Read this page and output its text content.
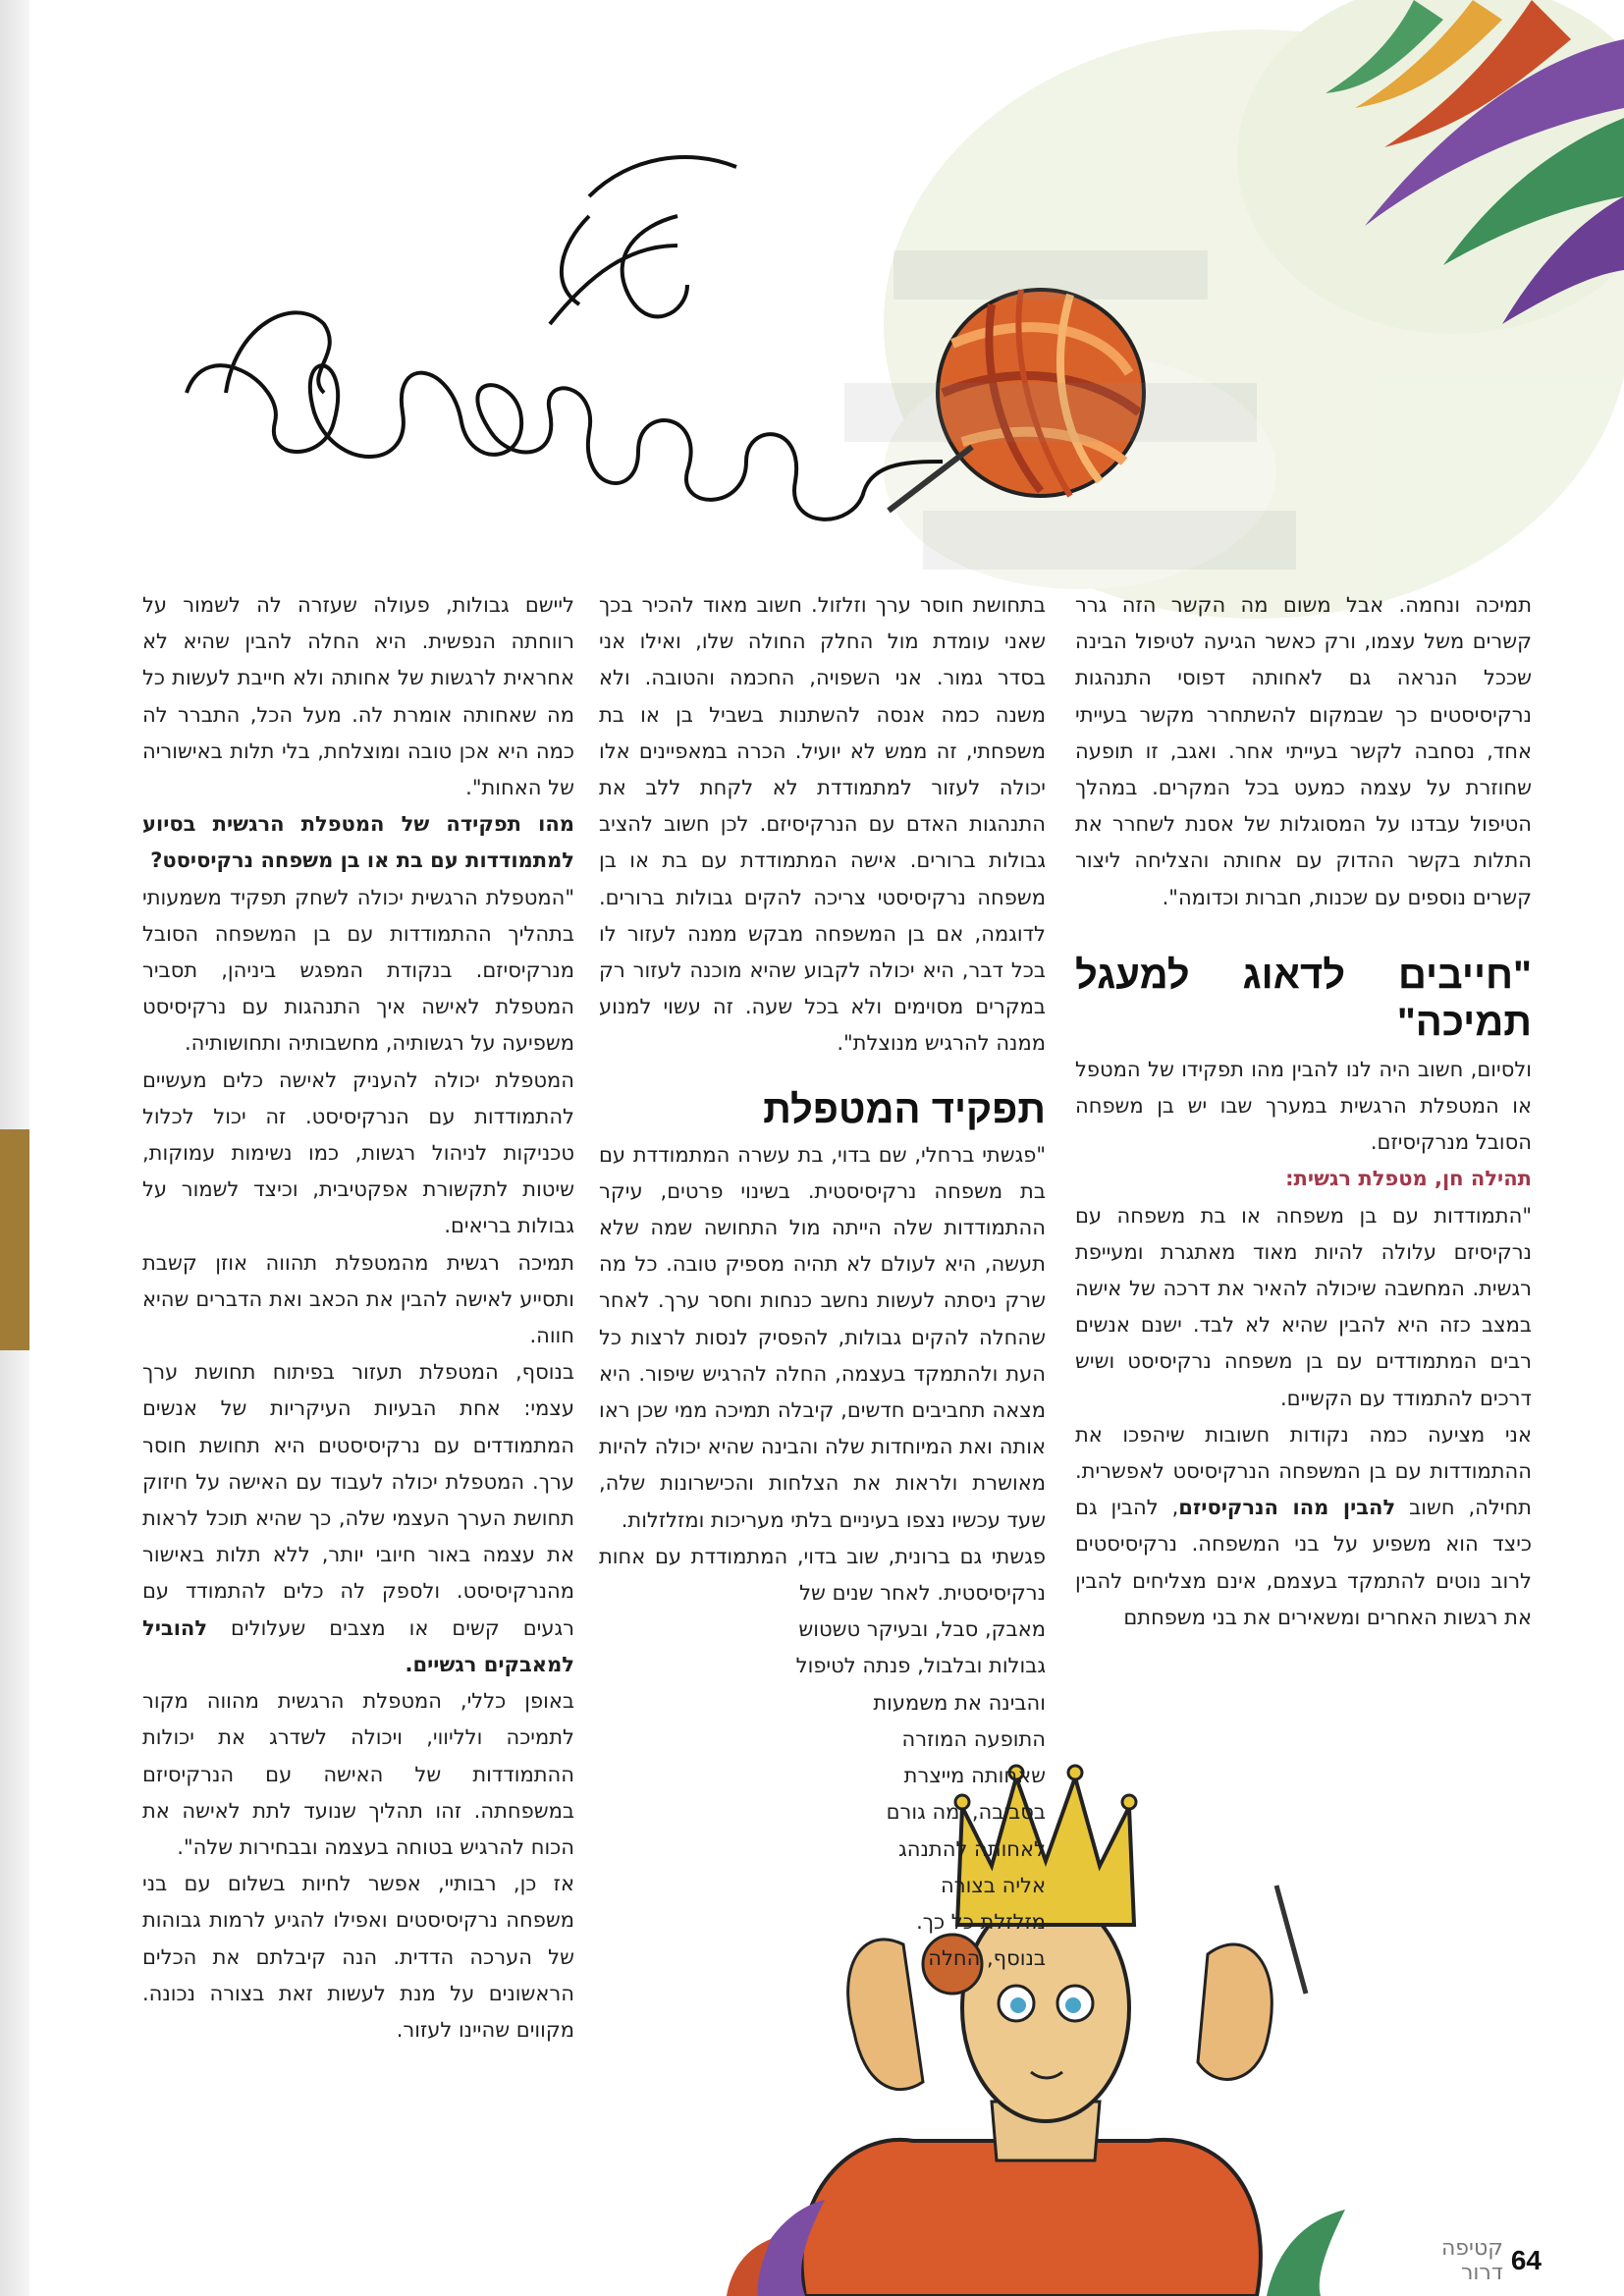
תמיכה ונחמה. אבל משום מה הקשר הזה גרר קשרים משל עצמו, ורק כאשר הגיעה לטיפול הבינה שככל הנראה גם לאחותה דפוסי התנהגות נרקיסיסטים כך שבמקום להשתחרר מקשר בעייתי אחד, נסחבה לקשר בעייתי אחר. ואגב, זו תופעה שחוזרת על עצמה כמעט בכל המקרים. במהלך הטיפול עבדנו על המסוגלות של אסנת לשחרר את התלות בקשר ההדוק עם אחותה והצליחה ליצור קשרים נוספים עם שכנות, חברות וכדומה".

"חייבים לדאוג למעגל תמיכה"

ולסיום, חשוב היה לנו להבין מהו תפקידו של המטפל או המטפלת הרגשית במערך שבו יש בן משפחה הסובל מנרקיסיזם.

תהילה חן, מטפלת רגשית:

"התמודדות עם בן משפחה או בת משפחה עם נרקיסיזם עלולה להיות מאוד מאתגרת ומעייפת רגשית. המחשבה שיכולה להאיר את דרכה של אישה במצב כזה היא להבין שהיא לא לבד. ישנם אנשים רבים המתמודדים עם בן משפחה נרקיסיסט ושיש דרכים להתמודד עם הקשיים.

אני מציעה כמה נקודות חשובות שיהפכו את ההתמודדות עם בן המשפחה הנרקיסיסט לאפשרית. תחילה, חשוב להבין מהו הנרקיסיזם, להבין גם כיצד הוא משפיע על בני המשפחה. נרקיסיסטים לרוב נוטים להתמקד בעצמם, אינם מצליחים להבין את רגשות האחרים ומשאירים את בני משפחתם

בתחושת חוסר ערך וזלזול. חשוב מאוד להכיר בכך שאני עומדת מול החלק החולה שלו, ואילו אני בסדר גמור. אני השפויה, החכמה והטובה. ולא משנה כמה אנסה להשתנות בשביל בן או בת משפחתי, זה ממש לא יועיל. הכרה במאפיינים אלו יכולה לעזור למתמודדת לא לקחת ללב את התנהגות האדם עם הנרקיסיזם. לכן חשוב להציב גבולות ברורים. אישה המתמודדת עם בת או בן משפחה נרקיסיסטי צריכה להקים גבולות ברורים. לדוגמה, אם בן המשפחה מבקש ממנה לעזור לו בכל דבר, היא יכולה לקבוע שהיא מוכנה לעזור רק במקרים מסוימים ולא בכל שעה. זה עשוי למנוע ממנה להרגיש מנוצלת".

תפקיד המטפלת

"פגשתי ברחלי, שם בדוי, בת עשרה המתמודדת עם בת משפחה נרקיסיסטית. בשינוי פרטים, עיקר ההתמודדות שלה הייתה מול התחושה שמה שלא תעשה, היא לעולם לא תהיה מספיק טובה. כל מה שרק ניסתה לעשות נחשב כנחות וחסר ערך. לאחר שהחלה להקים גבולות, להפסיק לנסות לרצות כל העת ולהתמקד בעצמה, החלה להרגיש שיפור. היא מצאה תחביבים חדשים, קיבלה תמיכה ממי שכן ראו אותה ואת המיוחדות שלה והבינה שהיא יכולה להיות מאושרת ולראות את הצלחות והכישרונות שלה, שעד עכשיו נצפו בעיניים בלתי מעריכות ומזלזלות.

פגשתי גם ברונית, שוב בדוי, המתמודדת עם אחות נרקיסיסטית. לאחר שנים של

מאבק, סבל, ובעיקר טשטוש

גבולות ובלבול, פנתה לטיפול

והבינה את משמעות

התופעה המוזרה

שאחותה מייצרת

בסביבה, ומה גורם

לאחותה להתנהג

אליה בצורה

מזלזלת כל כך.

בנוסף, החלה

ליישם גבולות, פעולה שעזרה לה לשמור על רווחתה הנפשית. היא החלה להבין שהיא לא אחראית לרגשות של אחותה ולא חייבת לעשות כל מה שאחותה אומרת לה. מעל הכל, התברר לה כמה היא אכן טובה ומוצלחת, בלי תלות באישוריה של האחות".

מהו תפקידה של המטפלת הרגשית בסיוע למתמודדות עם בת או בן משפחה נרקיסיסט?

"המטפלת הרגשית יכולה לשחק תפקיד משמעותי בתהליך ההתמודדות עם בן המשפחה הסובל מנרקיסיזם. בנקודת המפגש ביניהן, תסביר המטפלת לאישה איך התנהגות עם נרקיסיסט משפיעה על רגשותיה, מחשבותיה ותחושותיה.

המטפלת יכולה להעניק לאישה כלים מעשיים להתמודדות עם הנרקיסיסט. זה יכול לכלול טכניקות לניהול רגשות, כמו נשימות עמוקות, שיטות לתקשורת אפקטיבית, וכיצד לשמור על גבולות בריאים.

תמיכה רגשית מהמטפלת תהווה אוזן קשבת ותסייע לאישה להבין את הכאב ואת הדברים שהיא חווה.

בנוסף, המטפלת תעזור בפיתוח תחושת ערך עצמי: אחת הבעיות העיקריות של אנשים המתמודדים עם נרקיסיסטים היא תחושת חוסר ערך. המטפלת יכולה לעבוד עם האישה על חיזוק תחושת הערך העצמי שלה, כך שהיא תוכל לראות את עצמה באור חיובי יותר, ללא תלות באישור מהנרקיסיסט. ולספק לה כלים להתמודד עם רגעים קשים או מצבים שעלולים להוביל למאבקים רגשיים.

באופן כללי, המטפלת הרגשית מהווה מקור לתמיכה ולליווי, ויכולה לשדרג את יכולות ההתמודדות של האישה עם הנרקיסיזם במשפחתה. זהו תהליך שנועד לתת לאישה את הכוח להרגיש בטוחה בעצמה ובבחירות שלה".

אז כן, רבותיי, אפשר לחיות בשלום עם בני משפחה נרקיסיסטים ואפילו להגיע לרמות גבוהות של הערכה הדדית. הנה קיבלתם את הכלים הראשונים על מנת לעשות זאת בצורה נכונה. מקווים שהיינו לעזור.

64
קטיפה דרור
